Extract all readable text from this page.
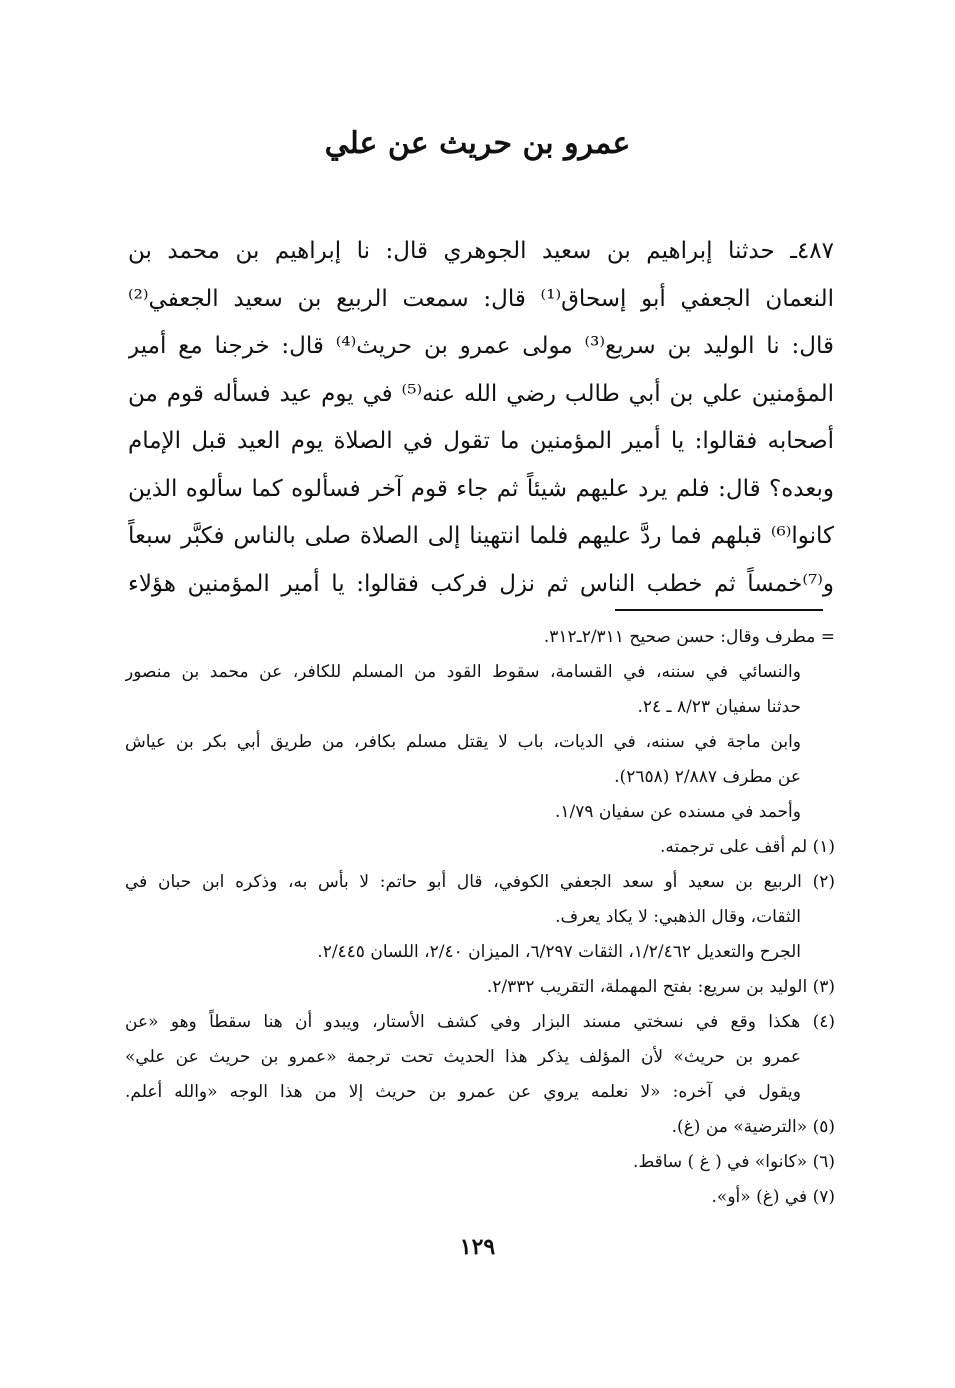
عمرو بن حريث عن علي
٤٨٧ـ حدثنا إبراهيم بن سعيد الجوهري قال: نا إبراهيم بن محمد بن
النعمان الجعفي أبو إسحاق⁽¹⁾ قال: سمعت الربيع بن سعيد الجعفي⁽²⁾
قال: نا الوليد بن سريع⁽³⁾ مولى عمرو بن حريث⁽⁴⁾ قال: خرجنا مع أمير
المؤمنين علي بن أبي طالب رضي الله عنه⁽⁵⁾ في يوم عيد فسأله قوم من
أصحابه فقالوا: يا أمير المؤمنين ما تقول في الصلاة يوم العيد قبل الإمام
وبعده؟ قال: فلم يرد عليهم شيئاً ثم جاء قوم آخر فسألوه كما سألوه الذين
كانوا⁽⁶⁾ قبلهم فما ردَّ عليهم فلما انتهينا إلى الصلاة صلى بالناس فكبَّر سبعاً
و⁽⁷⁾خمساً ثم خطب الناس ثم نزل فركب فقالوا: يا أمير المؤمنين هؤلاء
= مطرف وقال: حسن صحيح ٢/٣١١ـ٣١٢.
والنسائي في سننه، في القسامة، سقوط القود من المسلم للكافر، عن محمد بن منصور
حدثنا سفيان ٨/٢٣ ـ ٢٤.
وابن ماجة في سننه، في الديات، باب لا يقتل مسلم بكافر، من طريق أبي بكر بن عياش
عن مطرف ٢/٨٨٧ (٢٦٥٨).
وأحمد في مسنده عن سفيان ١/٧٩.
(١) لم أقف على ترجمته.
(٢) الربيع بن سعيد أو سعد الجعفي الكوفي، قال أبو حاتم: لا بأس به، وذكره ابن حبان في
الثقات، وقال الذهبي: لا يكاد يعرف.
الجرح والتعديل ١/٢/٤٦٢، الثقات ٦/٢٩٧، الميزان ٢/٤٠، اللسان ٢/٤٤٥.
(٣) الوليد بن سريع: بفتح المهملة، التقريب ٢/٣٣٢.
(٤) هكذا وقع في نسختي مسند البزار وفي كشف الأستار، ويبدو أن هنا سقطاً وهو «عن
عمرو بن حريث» لأن المؤلف يذكر هذا الحديث تحت ترجمة «عمرو بن حريث عن علي»
ويقول في آخره: «لا نعلمه يروي عن عمرو بن حريث إلا من هذا الوجه «والله أعلم.
(٥) «الترضية» من (غ).
(٦) «كانوا» في ( غ ) ساقط.
(٧) في (غ) «أو».
١٢٩
